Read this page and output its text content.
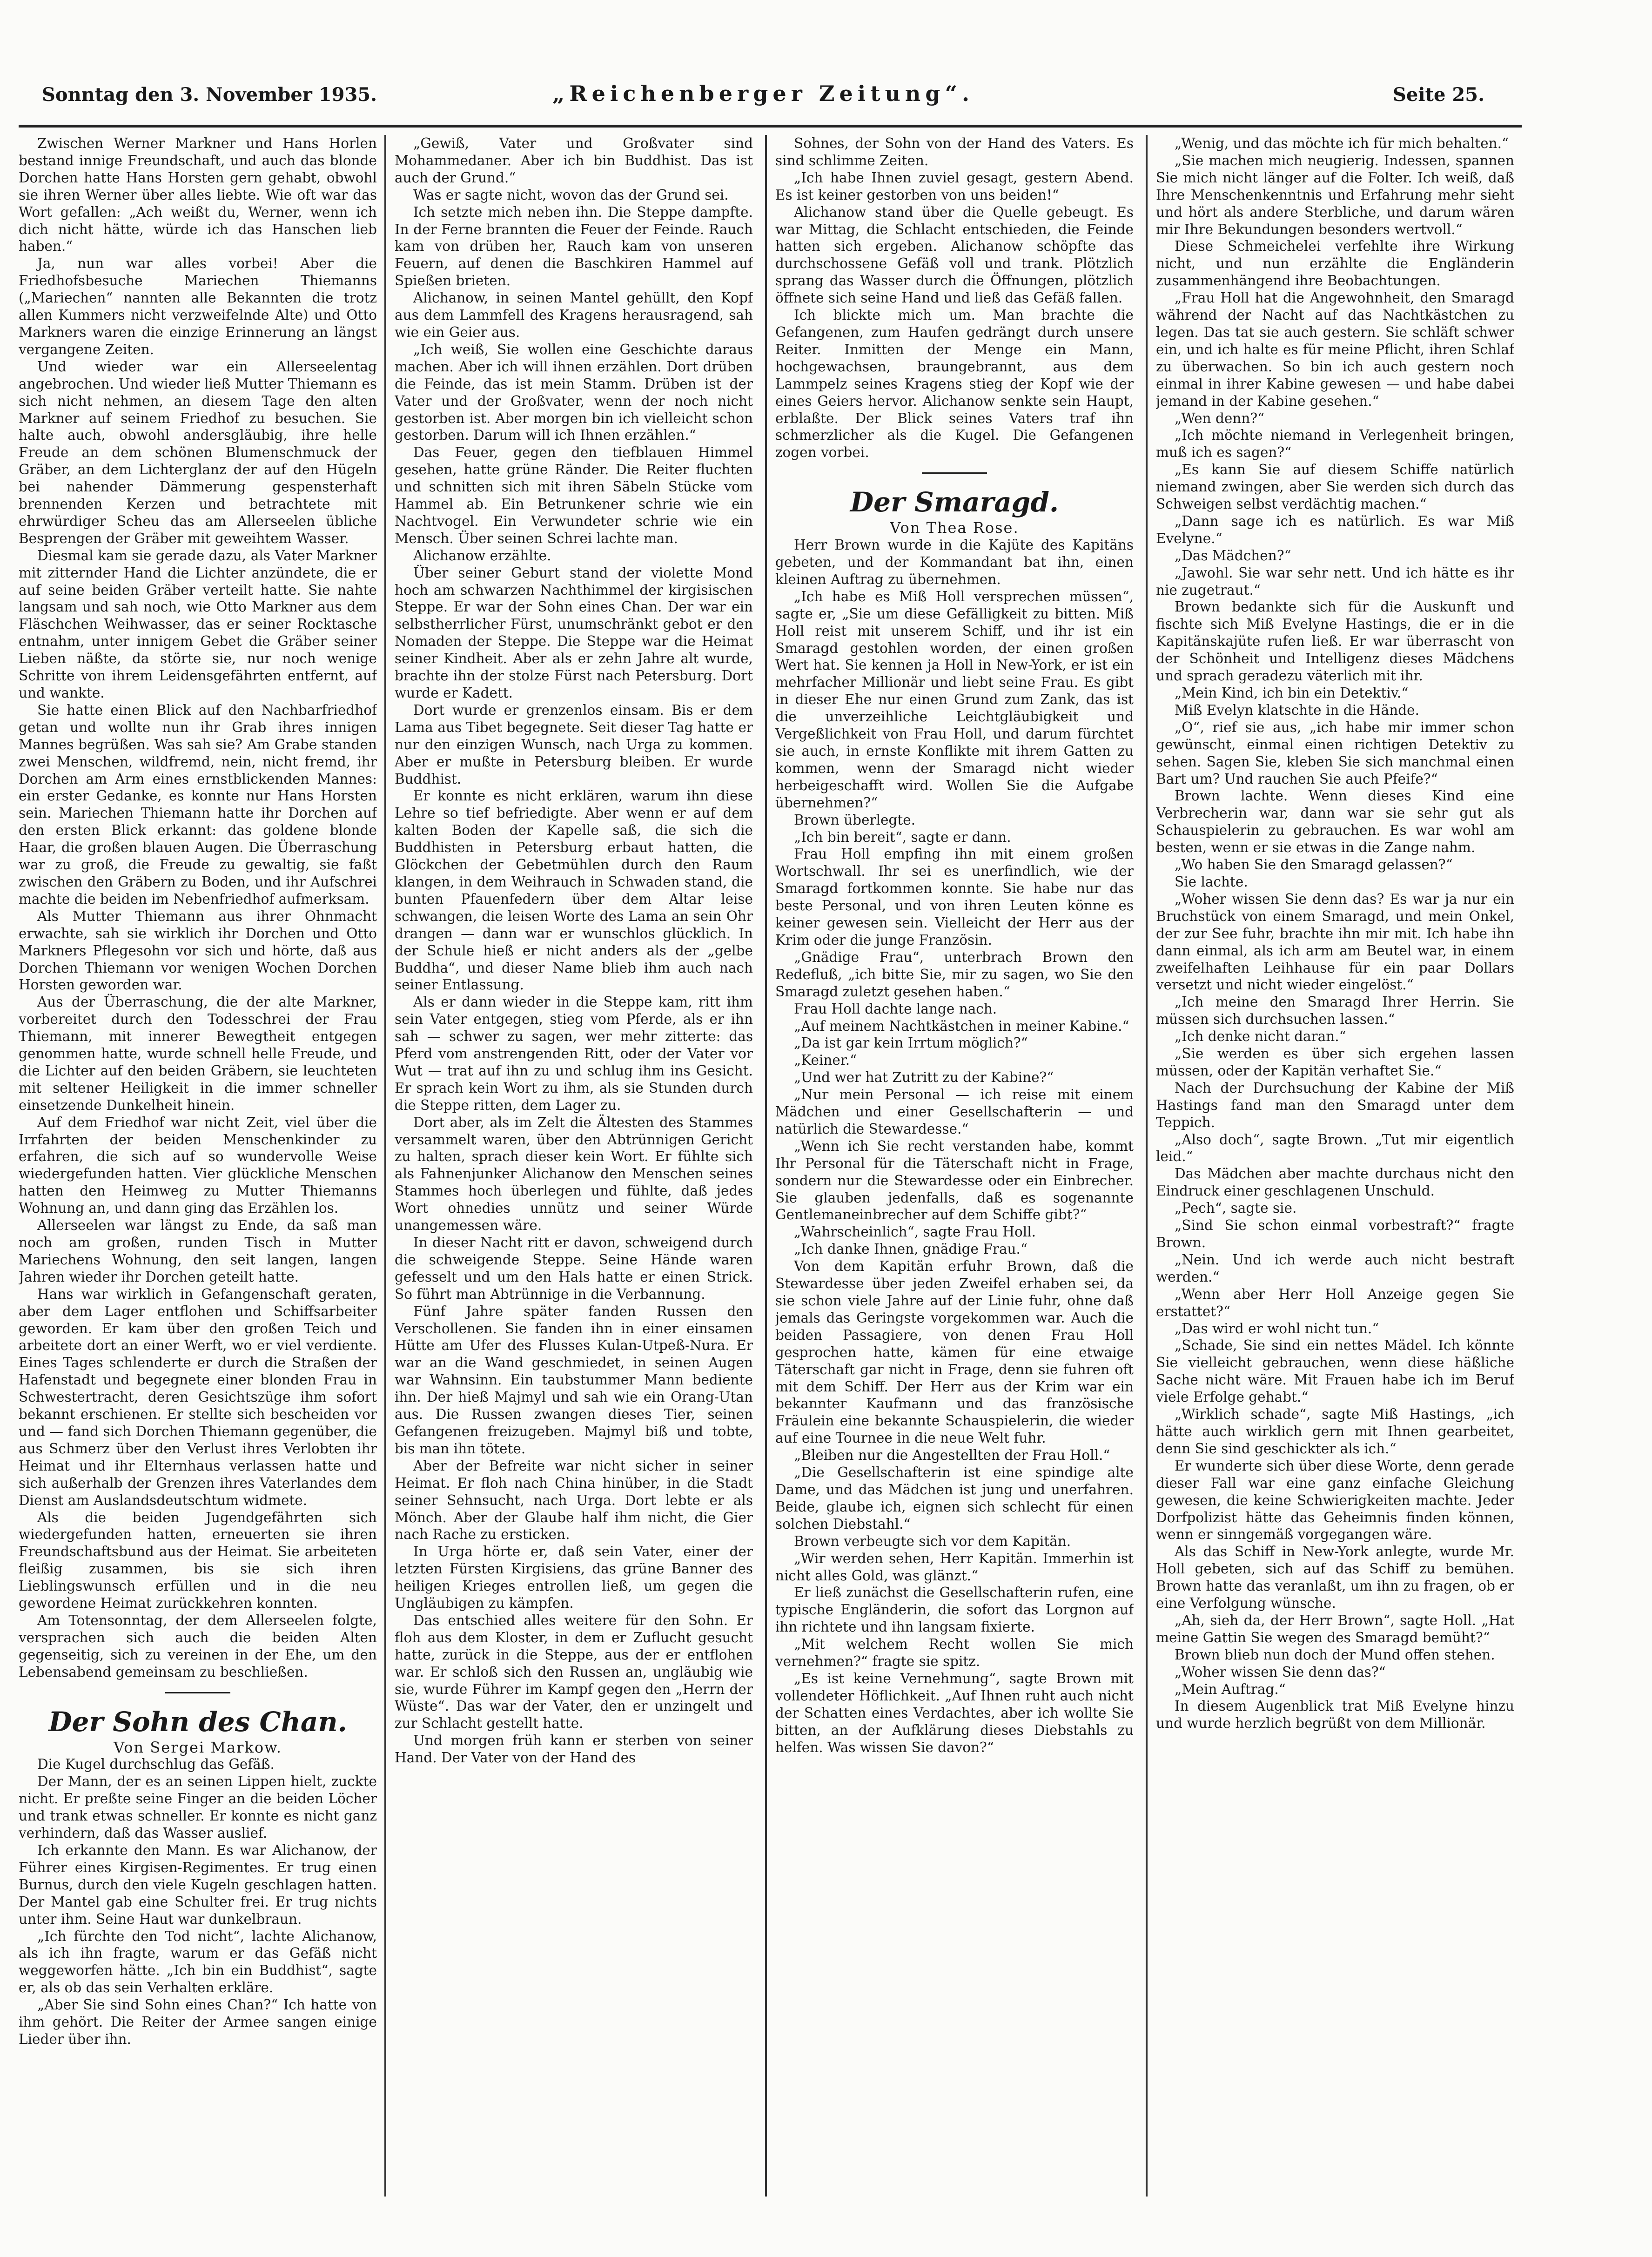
Sonntag den 3. November 1935.	„Reichenberger Zeitung“.	Seite 25.

Zwischen Werner Markner und Hans Horlen bestand innige Freundschaft, und auch das blonde Dorchen hatte Hans Horsten gern gehabt, obwohl sie ihren Werner über alles liebte. Wie oft war das Wort gefallen: „Ach weißt du, Werner, wenn ich dich nicht hätte, würde ich das Hanschen lieb haben.“

Ja, nun war alles vorbei! Aber die Friedhofsbesuche Mariechen Thiemanns („Mariechen“ nannten alle Bekannten die trotz allen Kummers nicht verzweifelnde Alte) und Otto Markners waren die einzige Erinnerung an längst vergangene Zeiten.

Und wieder war ein Allerseelentag angebrochen. Und wieder ließ Mutter Thiemann es sich nicht nehmen, an diesem Tage den alten Markner auf seinem Friedhof zu besuchen. Sie halte auch, obwohl andersgläubig, ihre helle Freude an dem schönen Blumenschmuck der Gräber, an dem Lichterglanz der auf den Hügeln bei nahender Dämmerung gespensterhaft brennenden Kerzen und betrachtete mit ehrwürdiger Scheu das am Allerseelen übliche Besprengen der Gräber mit geweihtem Wasser.

Diesmal kam sie gerade dazu, als Vater Markner mit zitternder Hand die Lichter anzündete, die er auf seine beiden Gräber verteilt hatte. Sie nahte langsam und sah noch, wie Otto Markner aus dem Fläschchen Weihwasser, das er seiner Rocktasche entnahm, unter innigem Gebet die Gräber seiner Lieben näßte, da störte sie, nur noch wenige Schritte von ihrem Leidensgefährten entfernt, auf und wankte.

Sie hatte einen Blick auf den Nachbarfriedhof getan und wollte nun ihr Grab ihres innigen Mannes begrüßen. Was sah sie? Am Grabe standen zwei Menschen, wildfremd, nein, nicht fremd, ihr Dorchen am Arm eines ernstblickenden Mannes: ein erster Gedanke, es konnte nur Hans Horsten sein. Mariechen Thiemann hatte ihr Dorchen auf den ersten Blick erkannt: das goldene blonde Haar, die großen blauen Augen. Die Überraschung war zu groß, die Freude zu gewaltig, sie faßt zwischen den Gräbern zu Boden, und ihr Aufschrei machte die beiden im Nebenfriedhof aufmerksam.

Als Mutter Thiemann aus ihrer Ohnmacht erwachte, sah sie wirklich ihr Dorchen und Otto Markners Pflegesohn vor sich und hörte, daß aus Dorchen Thiemann vor wenigen Wochen Dorchen Horsten geworden war.

Aus der Überraschung, die der alte Markner, vorbereitet durch den Todesschrei der Frau Thiemann, mit innerer Bewegtheit entgegen genommen hatte, wurde schnell helle Freude, und die Lichter auf den beiden Gräbern, sie leuchteten mit seltener Heiligkeit in die immer schneller einsetzende Dunkelheit hinein.

Auf dem Friedhof war nicht Zeit, viel über die Irrfahrten der beiden Menschenkinder zu erfahren, die sich auf so wundervolle Weise wiedergefunden hatten. Vier glückliche Menschen hatten den Heimweg zu Mutter Thiemanns Wohnung an, und dann ging das Erzählen los.

Allerseelen war längst zu Ende, da saß man noch am großen, runden Tisch in Mutter Mariechens Wohnung, den seit langen, langen Jahren wieder ihr Dorchen geteilt hatte.

Hans war wirklich in Gefangenschaft geraten, aber dem Lager entflohen und Schiffsarbeiter geworden. Er kam über den großen Teich und arbeitete dort an einer Werft, wo er viel verdiente. Eines Tages schlenderte er durch die Straßen der Hafenstadt und begegnete einer blonden Frau in Schwestertracht, deren Gesichtszüge ihm sofort bekannt erschienen. Er stellte sich bescheiden vor und — fand sich Dorchen Thiemann gegenüber, die aus Schmerz über den Verlust ihres Verlobten ihr Heimat und ihr Elternhaus verlassen hatte und sich außerhalb der Grenzen ihres Vaterlandes dem Dienst am Auslandsdeutschtum widmete.

Als die beiden Jugendgefährten sich wiedergefunden hatten, erneuerten sie ihren Freundschaftsbund aus der Heimat. Sie arbeiteten fleißig zusammen, bis sie sich ihren Lieblingswunsch erfüllen und in die neu gewordene Heimat zurückkehren konnten.

Am Totensonntag, der dem Allerseelen folgte, versprachen sich auch die beiden Alten gegenseitig, sich zu vereinen in der Ehe, um den Lebensabend gemeinsam zu beschließen.

Der Sohn des Chan.

Von Sergei Markow.

Die Kugel durchschlug das Gefäß.

Der Mann, der es an seinen Lippen hielt, zuckte nicht. Er preßte seine Finger an die beiden Löcher und trank etwas schneller. Er konnte es nicht ganz verhindern, daß das Wasser auslief.

Ich erkannte den Mann. Es war Alichanow, der Führer eines Kirgisen-Regimentes. Er trug einen Burnus, durch den viele Kugeln geschlagen hatten. Der Mantel gab eine Schulter frei. Er trug nichts unter ihm. Seine Haut war dunkelbraun.

„Ich fürchte den Tod nicht“, lachte Alichanow, als ich ihn fragte, warum er das Gefäß nicht weggeworfen hätte. „Ich bin ein Buddhist“, sagte er, als ob das sein Verhalten erkläre.

„Aber Sie sind Sohn eines Chan?“ Ich hatte von ihm gehört. Die Reiter der Armee sangen einige Lieder über ihn.

„Gewiß, Vater und Großvater sind Mohammedaner. Aber ich bin Buddhist. Das ist auch der Grund.“

Was er sagte nicht, wovon das der Grund sei.

Ich setzte mich neben ihn. Die Steppe dampfte. In der Ferne brannten die Feuer der Feinde. Rauch kam von drüben her, Rauch kam von unseren Feuern, auf denen die Baschkiren Hammel auf Spießen brieten.

Alichanow, in seinen Mantel gehüllt, den Kopf aus dem Lammfell des Kragens herausragend, sah wie ein Geier aus.

„Ich weiß, Sie wollen eine Geschichte daraus machen. Aber ich will ihnen erzählen. Dort drüben die Feinde, das ist mein Stamm. Drüben ist der Vater und der Großvater, wenn der noch nicht gestorben ist. Aber morgen bin ich vielleicht schon gestorben. Darum will ich Ihnen erzählen.“

Das Feuer, gegen den tiefblauen Himmel gesehen, hatte grüne Ränder. Die Reiter fluchten und schnitten sich mit ihren Säbeln Stücke vom Hammel ab. Ein Betrunkener schrie wie ein Nachtvogel. Ein Verwundeter schrie wie ein Mensch. Über seinen Schrei lachte man.

Alichanow erzählte.

Über seiner Geburt stand der violette Mond hoch am schwarzen Nachthimmel der kirgisischen Steppe. Er war der Sohn eines Chan. Der war ein selbstherrlicher Fürst, unumschränkt gebot er den Nomaden der Steppe. Die Steppe war die Heimat seiner Kindheit. Aber als er zehn Jahre alt wurde, brachte ihn der stolze Fürst nach Petersburg. Dort wurde er Kadett.

Dort wurde er grenzenlos einsam. Bis er dem Lama aus Tibet begegnete. Seit dieser Tag hatte er nur den einzigen Wunsch, nach Urga zu kommen. Aber er mußte in Petersburg bleiben. Er wurde Buddhist.

Er konnte es nicht erklären, warum ihn diese Lehre so tief befriedigte. Aber wenn er auf dem kalten Boden der Kapelle saß, die sich die Buddhisten in Petersburg erbaut hatten, die Glöckchen der Gebetmühlen durch den Raum klangen, in dem Weihrauch in Schwaden stand, die bunten Pfauenfedern über dem Altar leise schwangen, die leisen Worte des Lama an sein Ohr drangen — dann war er wunschlos glücklich. In der Schule hieß er nicht anders als der „gelbe Buddha“, und dieser Name blieb ihm auch nach seiner Entlassung.

Als er dann wieder in die Steppe kam, ritt ihm sein Vater entgegen, stieg vom Pferde, als er ihn sah — schwer zu sagen, wer mehr zitterte: das Pferd vom anstrengenden Ritt, oder der Vater vor Wut — trat auf ihn zu und schlug ihm ins Gesicht. Er sprach kein Wort zu ihm, als sie Stunden durch die Steppe ritten, dem Lager zu.

Dort aber, als im Zelt die Ältesten des Stammes versammelt waren, über den Abtrünnigen Gericht zu halten, sprach dieser kein Wort. Er fühlte sich als Fahnenjunker Alichanow den Menschen seines Stammes hoch überlegen und fühlte, daß jedes Wort ohnedies unnütz und seiner Würde unangemessen wäre.

In dieser Nacht ritt er davon, schweigend durch die schweigende Steppe. Seine Hände waren gefesselt und um den Hals hatte er einen Strick. So führt man Abtrünnige in die Verbannung.

Fünf Jahre später fanden Russen den Verschollenen. Sie fanden ihn in einer einsamen Hütte am Ufer des Flusses Kulan-Utpeß-Nura. Er war an die Wand geschmiedet, in seinen Augen war Wahnsinn. Ein taubstummer Mann bediente ihn. Der hieß Majmyl und sah wie ein Orang-Utan aus. Die Russen zwangen dieses Tier, seinen Gefangenen freizugeben. Majmyl biß und tobte, bis man ihn tötete.

Aber der Befreite war nicht sicher in seiner Heimat. Er floh nach China hinüber, in die Stadt seiner Sehnsucht, nach Urga. Dort lebte er als Mönch. Aber der Glaube half ihm nicht, die Gier nach Rache zu ersticken.

In Urga hörte er, daß sein Vater, einer der letzten Fürsten Kirgisiens, das grüne Banner des heiligen Krieges entrollen ließ, um gegen die Ungläubigen zu kämpfen.

Das entschied alles weitere für den Sohn. Er floh aus dem Kloster, in dem er Zuflucht gesucht hatte, zurück in die Steppe, aus der er entflohen war. Er schloß sich den Russen an, ungläubig wie sie, wurde Führer im Kampf gegen den „Herrn der Wüste“. Das war der Vater, den er unzingelt und zur Schlacht gestellt hatte.

Und morgen früh kann er sterben von seiner Hand. Der Vater von der Hand des

Sohnes, der Sohn von der Hand des Vaters. Es sind schlimme Zeiten.

„Ich habe Ihnen zuviel gesagt, gestern Abend. Es ist keiner gestorben von uns beiden!“

Alichanow stand über die Quelle gebeugt. Es war Mittag, die Schlacht entschieden, die Feinde hatten sich ergeben. Alichanow schöpfte das durchschossene Gefäß voll und trank. Plötzlich sprang das Wasser durch die Öffnungen, plötzlich öffnete sich seine Hand und ließ das Gefäß fallen.

Ich blickte mich um. Man brachte die Gefangenen, zum Haufen gedrängt durch unsere Reiter. Inmitten der Menge ein Mann, hochgewachsen, braungebrannt, aus dem Lammpelz seines Kragens stieg der Kopf wie der eines Geiers hervor. Alichanow senkte sein Haupt, erblaßte. Der Blick seines Vaters traf ihn schmerzlicher als die Kugel. Die Gefangenen zogen vorbei.

Der Smaragd.

Von Thea Rose.

Herr Brown wurde in die Kajüte des Kapitäns gebeten, und der Kommandant bat ihn, einen kleinen Auftrag zu übernehmen.

„Ich habe es Miß Holl versprechen müssen“, sagte er, „Sie um diese Gefälligkeit zu bitten. Miß Holl reist mit unserem Schiff, und ihr ist ein Smaragd gestohlen worden, der einen großen Wert hat. Sie kennen ja Holl in New-York, er ist ein mehrfacher Millionär und liebt seine Frau. Es gibt in dieser Ehe nur einen Grund zum Zank, das ist die unverzeihliche Leichtgläubigkeit und Vergeßlichkeit von Frau Holl, und darum fürchtet sie auch, in ernste Konflikte mit ihrem Gatten zu kommen, wenn der Smaragd nicht wieder herbeigeschafft wird. Wollen Sie die Aufgabe übernehmen?“

Brown überlegte.

„Ich bin bereit“, sagte er dann.

Frau Holl empfing ihn mit einem großen Wortschwall. Ihr sei es unerfindlich, wie der Smaragd fortkommen konnte. Sie habe nur das beste Personal, und von ihren Leuten könne es keiner gewesen sein. Vielleicht der Herr aus der Krim oder die junge Französin.

„Gnädige Frau“, unterbrach Brown den Redefluß, „ich bitte Sie, mir zu sagen, wo Sie den Smaragd zuletzt gesehen haben.“

Frau Holl dachte lange nach.

„Auf meinem Nachtkästchen in meiner Kabine.“

„Da ist gar kein Irrtum möglich?“

„Keiner.“

„Und wer hat Zutritt zu der Kabine?“

„Nur mein Personal — ich reise mit einem Mädchen und einer Gesellschafterin — und natürlich die Stewardesse.“

„Wenn ich Sie recht verstanden habe, kommt Ihr Personal für die Täterschaft nicht in Frage, sondern nur die Stewardesse oder ein Einbrecher. Sie glauben jedenfalls, daß es sogenannte Gentlemaneinbrecher auf dem Schiffe gibt?“

„Wahrscheinlich“, sagte Frau Holl.

„Ich danke Ihnen, gnädige Frau.“

Von dem Kapitän erfuhr Brown, daß die Stewardesse über jeden Zweifel erhaben sei, da sie schon viele Jahre auf der Linie fuhr, ohne daß jemals das Geringste vorgekommen war. Auch die beiden Passagiere, von denen Frau Holl gesprochen hatte, kämen für eine etwaige Täterschaft gar nicht in Frage, denn sie fuhren oft mit dem Schiff. Der Herr aus der Krim war ein bekannter Kaufmann und das französische Fräulein eine bekannte Schauspielerin, die wieder auf eine Tournee in die neue Welt fuhr.

„Bleiben nur die Angestellten der Frau Holl.“

„Die Gesellschafterin ist eine spindige alte Dame, und das Mädchen ist jung und unerfahren. Beide, glaube ich, eignen sich schlecht für einen solchen Diebstahl.“

Brown verbeugte sich vor dem Kapitän.

„Wir werden sehen, Herr Kapitän. Immerhin ist nicht alles Gold, was glänzt.“

Er ließ zunächst die Gesellschafterin rufen, eine typische Engländerin, die sofort das Lorgnon auf ihn richtete und ihn langsam fixierte.

„Mit welchem Recht wollen Sie mich vernehmen?“ fragte sie spitz.

„Es ist keine Vernehmung“, sagte Brown mit vollendeter Höflichkeit. „Auf Ihnen ruht auch nicht der Schatten eines Verdachtes, aber ich wollte Sie bitten, an der Aufklärung dieses Diebstahls zu helfen. Was wissen Sie davon?“

„Wenig, und das möchte ich für mich behalten.“

„Sie machen mich neugierig. Indessen, spannen Sie mich nicht länger auf die Folter. Ich weiß, daß Ihre Menschenkenntnis und Erfahrung mehr sieht und hört als andere Sterbliche, und darum wären mir Ihre Bekundungen besonders wertvoll.“

Diese Schmeichelei verfehlte ihre Wirkung nicht, und nun erzählte die Engländerin zusammenhängend ihre Beobachtungen.

„Frau Holl hat die Angewohnheit, den Smaragd während der Nacht auf das Nachtkästchen zu legen. Das tat sie auch gestern. Sie schläft schwer ein, und ich halte es für meine Pflicht, ihren Schlaf zu überwachen. So bin ich auch gestern noch einmal in ihrer Kabine gewesen — und habe dabei jemand in der Kabine gesehen.“

„Wen denn?“

„Ich möchte niemand in Verlegenheit bringen, muß ich es sagen?“

„Es kann Sie auf diesem Schiffe natürlich niemand zwingen, aber Sie werden sich durch das Schweigen selbst verdächtig machen.“

„Dann sage ich es natürlich. Es war Miß Evelyne.“

„Das Mädchen?“

„Jawohl. Sie war sehr nett. Und ich hätte es ihr nie zugetraut.“

Brown bedankte sich für die Auskunft und fischte sich Miß Evelyne Hastings, die er in die Kapitänskajüte rufen ließ. Er war überrascht von der Schönheit und Intelligenz dieses Mädchens und sprach geradezu väterlich mit ihr.

„Mein Kind, ich bin ein Detektiv.“

Miß Evelyn klatschte in die Hände.

„O“, rief sie aus, „ich habe mir immer schon gewünscht, einmal einen richtigen Detektiv zu sehen. Sagen Sie, kleben Sie sich manchmal einen Bart um? Und rauchen Sie auch Pfeife?“

Brown lachte. Wenn dieses Kind eine Verbrecherin war, dann war sie sehr gut als Schauspielerin zu gebrauchen. Es war wohl am besten, wenn er sie etwas in die Zange nahm.

„Wo haben Sie den Smaragd gelassen?“

Sie lachte.

„Woher wissen Sie denn das? Es war ja nur ein Bruchstück von einem Smaragd, und mein Onkel, der zur See fuhr, brachte ihn mir mit. Ich habe ihn dann einmal, als ich arm am Beutel war, in einem zweifelhaften Leihhause für ein paar Dollars versetzt und nicht wieder eingelöst.“

„Ich meine den Smaragd Ihrer Herrin. Sie müssen sich durchsuchen lassen.“

„Ich denke nicht daran.“

„Sie werden es über sich ergehen lassen müssen, oder der Kapitän verhaftet Sie.“

Nach der Durchsuchung der Kabine der Miß Hastings fand man den Smaragd unter dem Teppich.

„Also doch“, sagte Brown. „Tut mir eigentlich leid.“

Das Mädchen aber machte durchaus nicht den Eindruck einer geschlagenen Unschuld.

„Pech“, sagte sie.

„Sind Sie schon einmal vorbestraft?“ fragte Brown.

„Nein. Und ich werde auch nicht bestraft werden.“

„Wenn aber Herr Holl Anzeige gegen Sie erstattet?“

„Das wird er wohl nicht tun.“

„Schade, Sie sind ein nettes Mädel. Ich könnte Sie vielleicht gebrauchen, wenn diese häßliche Sache nicht wäre. Mit Frauen habe ich im Beruf viele Erfolge gehabt.“

„Wirklich schade“, sagte Miß Hastings, „ich hätte auch wirklich gern mit Ihnen gearbeitet, denn Sie sind geschickter als ich.“

Er wunderte sich über diese Worte, denn gerade dieser Fall war eine ganz einfache Gleichung gewesen, die keine Schwierigkeiten machte. Jeder Dorfpolizist hätte das Geheimnis finden können, wenn er sinngemäß vorgegangen wäre.

Als das Schiff in New-York anlegte, wurde Mr. Holl gebeten, sich auf das Schiff zu bemühen. Brown hatte das veranlaßt, um ihn zu fragen, ob er eine Verfolgung wünsche.

„Ah, sieh da, der Herr Brown“, sagte Holl. „Hat meine Gattin Sie wegen des Smaragd bemüht?“

Brown blieb nun doch der Mund offen stehen.

„Woher wissen Sie denn das?“

„Mein Auftrag.“

In diesem Augenblick trat Miß Evelyne hinzu und wurde herzlich begrüßt von dem Millionär.
